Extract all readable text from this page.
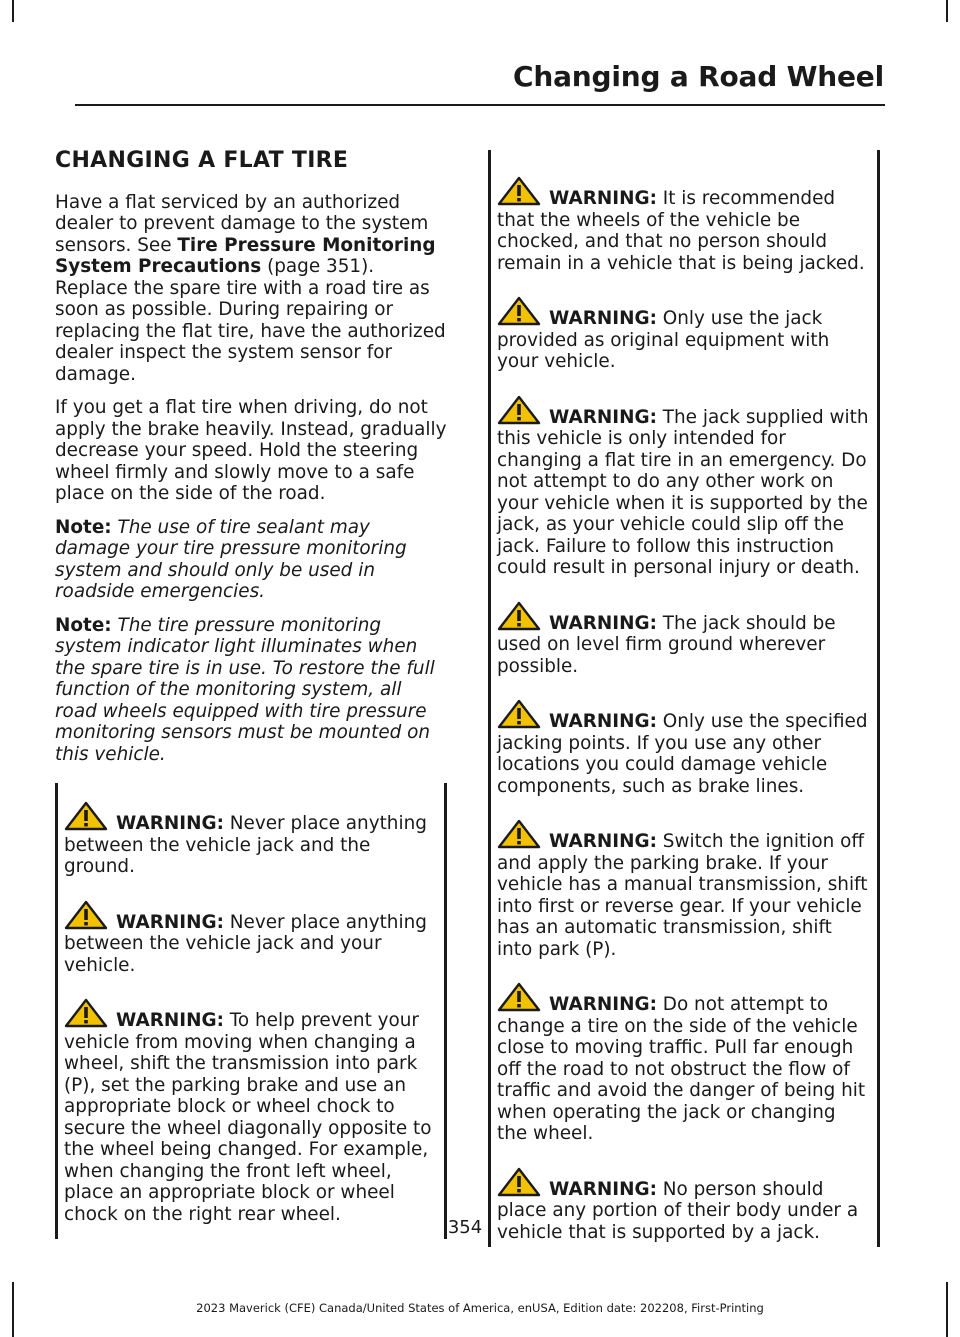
Changing a Road Wheel
CHANGING A FLAT TIRE

Have a flat serviced by an authorized dealer to prevent damage to the system sensors. See Tire Pressure Monitoring System Precautions (page 351). Replace the spare tire with a road tire as soon as possible. During repairing or replacing the flat tire, have the authorized dealer inspect the system sensor for damage.

If you get a flat tire when driving, do not apply the brake heavily. Instead, gradually decrease your speed. Hold the steering wheel firmly and slowly move to a safe place on the side of the road.

Note: The use of tire sealant may damage your tire pressure monitoring system and should only be used in roadside emergencies.

Note: The tire pressure monitoring system indicator light illuminates when the spare tire is in use. To restore the full function of the monitoring system, all road wheels equipped with tire pressure monitoring sensors must be mounted on this vehicle.

WARNING: Never place anything between the vehicle jack and the ground.

WARNING: Never place anything between the vehicle jack and your vehicle.

WARNING: To help prevent your vehicle from moving when changing a wheel, shift the transmission into park (P), set the parking brake and use an appropriate block or wheel chock to secure the wheel diagonally opposite to the wheel being changed. For example, when changing the front left wheel, place an appropriate block or wheel chock on the right rear wheel.

WARNING: It is recommended that the wheels of the vehicle be chocked, and that no person should remain in a vehicle that is being jacked.

WARNING: Only use the jack provided as original equipment with your vehicle.

WARNING: The jack supplied with this vehicle is only intended for changing a flat tire in an emergency. Do not attempt to do any other work on your vehicle when it is supported by the jack, as your vehicle could slip off the jack. Failure to follow this instruction could result in personal injury or death.

WARNING: The jack should be used on level firm ground wherever possible.

WARNING: Only use the specified jacking points. If you use any other locations you could damage vehicle components, such as brake lines.

WARNING: Switch the ignition off and apply the parking brake. If your vehicle has a manual transmission, shift into first or reverse gear. If your vehicle has an automatic transmission, shift into park (P).

WARNING: Do not attempt to change a tire on the side of the vehicle close to moving traffic. Pull far enough off the road to not obstruct the flow of traffic and avoid the danger of being hit when operating the jack or changing the wheel.

WARNING: No person should place any portion of their body under a vehicle that is supported by a jack.

354
2023 Maverick (CFE) Canada/United States of America, enUSA, Edition date: 202208, First-Printing
